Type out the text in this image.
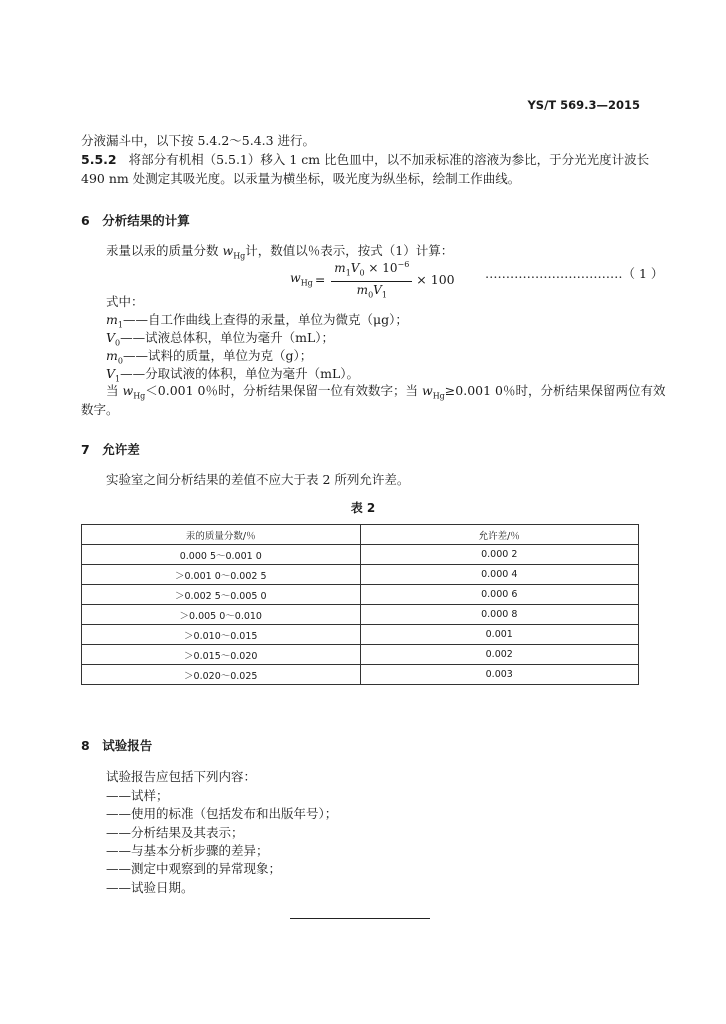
YS/T 569.3—2015
分液漏斗中，以下按 5.4.2～5.4.3 进行。
5.5.2 将部分有机相（5.5.1）移入 1 cm 比色皿中，以不加汞标准的溶液为参比，于分光光度计波长
490 nm 处测定其吸光度。以汞量为横坐标，吸光度为纵坐标，绘制工作曲线。
6　分析结果的计算
汞量以汞的质量分数 $w_{Hg}$计，数值以％表示，按式（1）计算：
$w_{Hg} = \frac{m_1V_0 \times 10^{-6}}{m_0V_1} \times 100$ ……………………………（ 1 ）
式中：
$m_1——$自工作曲线上查得的汞量，单位为微克（μg）；
$V_0——$试液总体积，单位为毫升（mL）；
$m_0——$试料的质量，单位为克（g）；
$V_1——$分取试液的体积，单位为毫升（mL）。
当 $w_{Hg}<0.001$ 0％时，分析结果保留一位有效数字；当 $w_{Hg}\ge 0.001$ 0％时，分析结果保留两位有效
数字。
7　允许差
实验室之间分析结果的差值不应大于表 2 所列允许差。
表 2
汞的质量分数/％	允许差/％
0.000 5～0.001 0	0.000 2
＞0.001 0～0.002 5	0.000 4
＞0.002 5～0.005 0	0.000 6
＞0.005 0～0.010	0.000 8
＞0.010～0.015	0.001
＞0.015～0.020	0.002
＞0.020～0.025	0.003
8　试验报告
试验报告应包括下列内容：
——试样；
——使用的标准（包括发布和出版年号）；
——分析结果及其表示；
——与基本分析步骤的差异；
——测定中观察到的异常现象；
——试验日期。
